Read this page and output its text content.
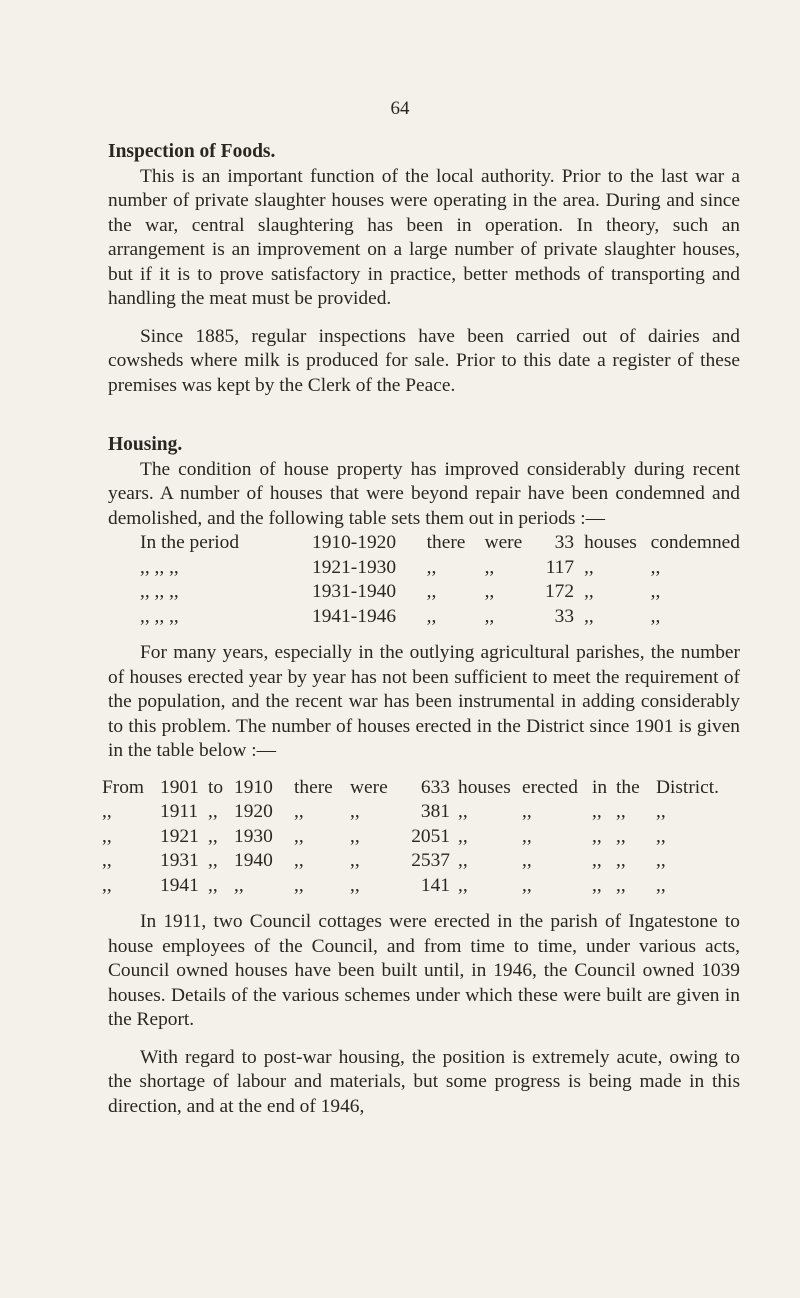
64
Inspection of Foods.

This is an important function of the local authority. Prior to the last war a number of private slaughter houses were operating in the area. During and since the war, central slaughtering has been in operation. In theory, such an arrangement is an improvement on a large number of private slaughter houses, but if it is to prove satisfactory in practice, better methods of transporting and handling the meat must be provided.

Since 1885, regular inspections have been carried out of dairies and cowsheds where milk is produced for sale. Prior to this date a register of these premises was kept by the Clerk of the Peace.

Housing.

The condition of house property has improved considerably during recent years. A number of houses that were beyond repair have been condemned and demolished, and the following table sets them out in periods :—

In the period	1910-1920	there	were	33	houses	condemned
,, ,, ,,	1921-1930	,,	,,	117	,,	,,
,, ,, ,,	1931-1940	,,	,,	172	,,	,,
,, ,, ,,	1941-1946	,,	,,	33	,,	,,

For many years, especially in the outlying agricultural parishes, the number of houses erected year by year has not been sufficient to meet the requirement of the population, and the recent war has been instrumental in adding considerably to this problem. The number of houses erected in the District since 1901 is given in the table below :—

From	1901	to	1910	there	were	633	houses	erected	in	the	District.
,,	1911	,,	1920	,,	,,	381	,,	,,	,,	,,	,,
,,	1921	,,	1930	,,	,,	2051	,,	,,	,,	,,	,,
,,	1931	,,	1940	,,	,,	2537	,,	,,	,,	,,	,,
,,	1941	,,	,,	,,	,,	141	,,	,,	,,	,,	,,

In 1911, two Council cottages were erected in the parish of Ingatestone to house employees of the Council, and from time to time, under various acts, Council owned houses have been built until, in 1946, the Council owned 1039 houses. Details of the various schemes under which these were built are given in the Report.

With regard to post-war housing, the position is extremely acute, owing to the shortage of labour and materials, but some progress is being made in this direction, and at the end of 1946,
